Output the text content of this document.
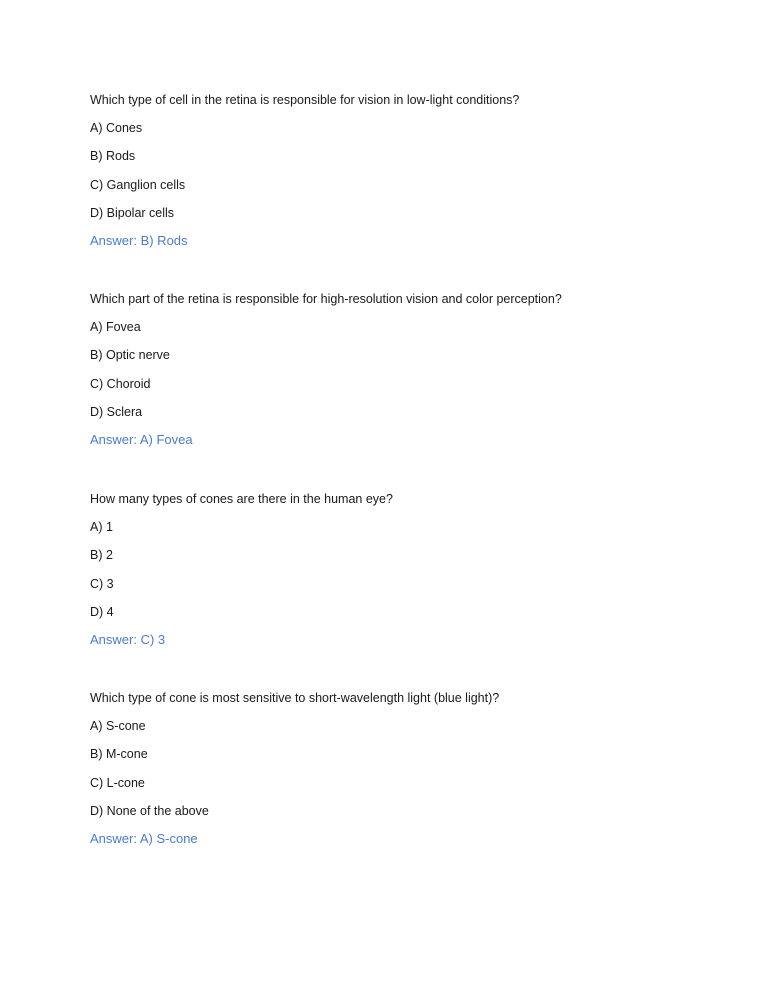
Which type of cell in the retina is responsible for vision in low-light conditions?

A) Cones

B) Rods

C) Ganglion cells

D) Bipolar cells

Answer: B) Rods

Which part of the retina is responsible for high-resolution vision and color perception?

A) Fovea

B) Optic nerve

C) Choroid

D) Sclera

Answer: A) Fovea

How many types of cones are there in the human eye?

A) 1

B) 2

C) 3

D) 4

Answer: C) 3

Which type of cone is most sensitive to short-wavelength light (blue light)?

A) S-cone

B) M-cone

C) L-cone

D) None of the above

Answer: A) S-cone
